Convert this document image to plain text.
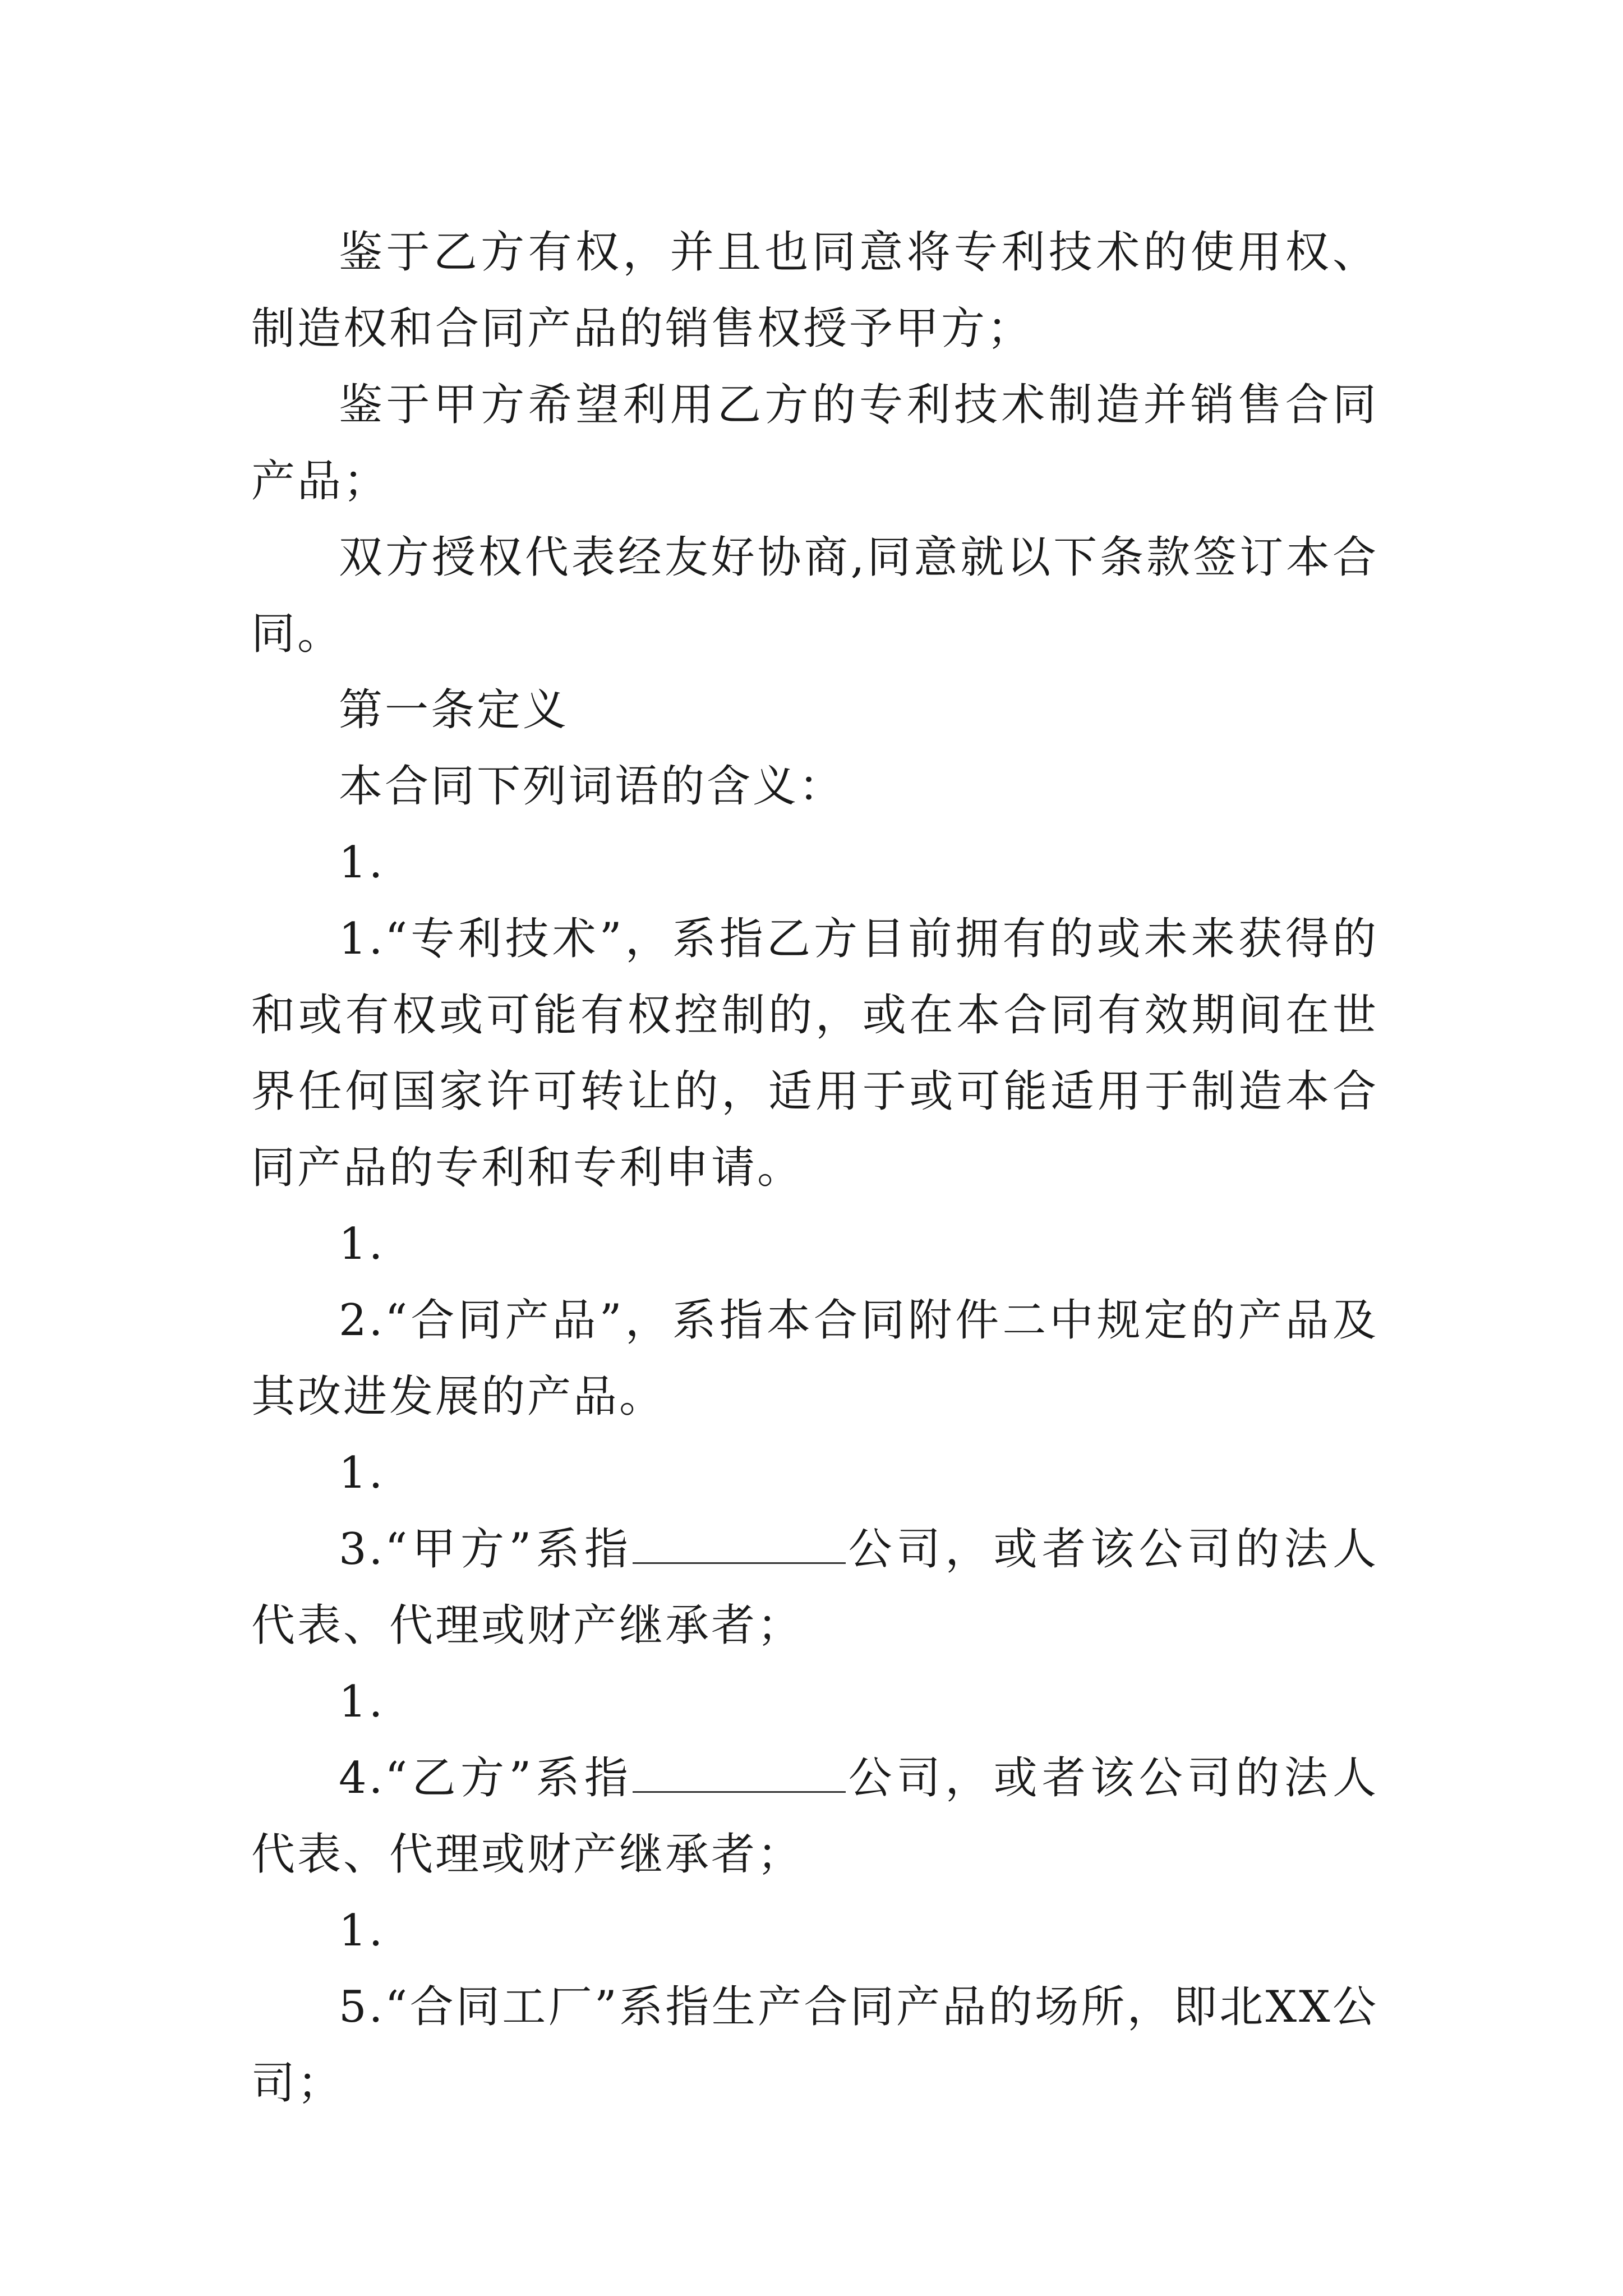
鉴于乙方有权，并且也同意将专利技术的使用权、制造权和合同产品的销售权授予甲方；

鉴于甲方希望利用乙方的专利技术制造并销售合同产品；

双方授权代表经友好协商,同意就以下条款签订本合同。

第一条定义

本合同下列词语的含义：

1.

1.“专利技术”，系指乙方目前拥有的或未来获得的和或有权或可能有权控制的，或在本合同有效期间在世界任何国家许可转让的，适用于或可能适用于制造本合同产品的专利和专利申请。

1.

2.“合同产品”，系指本合同附件二中规定的产品及其改进发展的产品。

1.

3.“甲方”系指	公司，或者该公司的法人代表、代理或财产继承者；

1.

4.“乙方”系指	公司，或者该公司的法人代表、代理或财产继承者；

1.

5.“合同工厂”系指生产合同产品的场所，即北XX公司；
